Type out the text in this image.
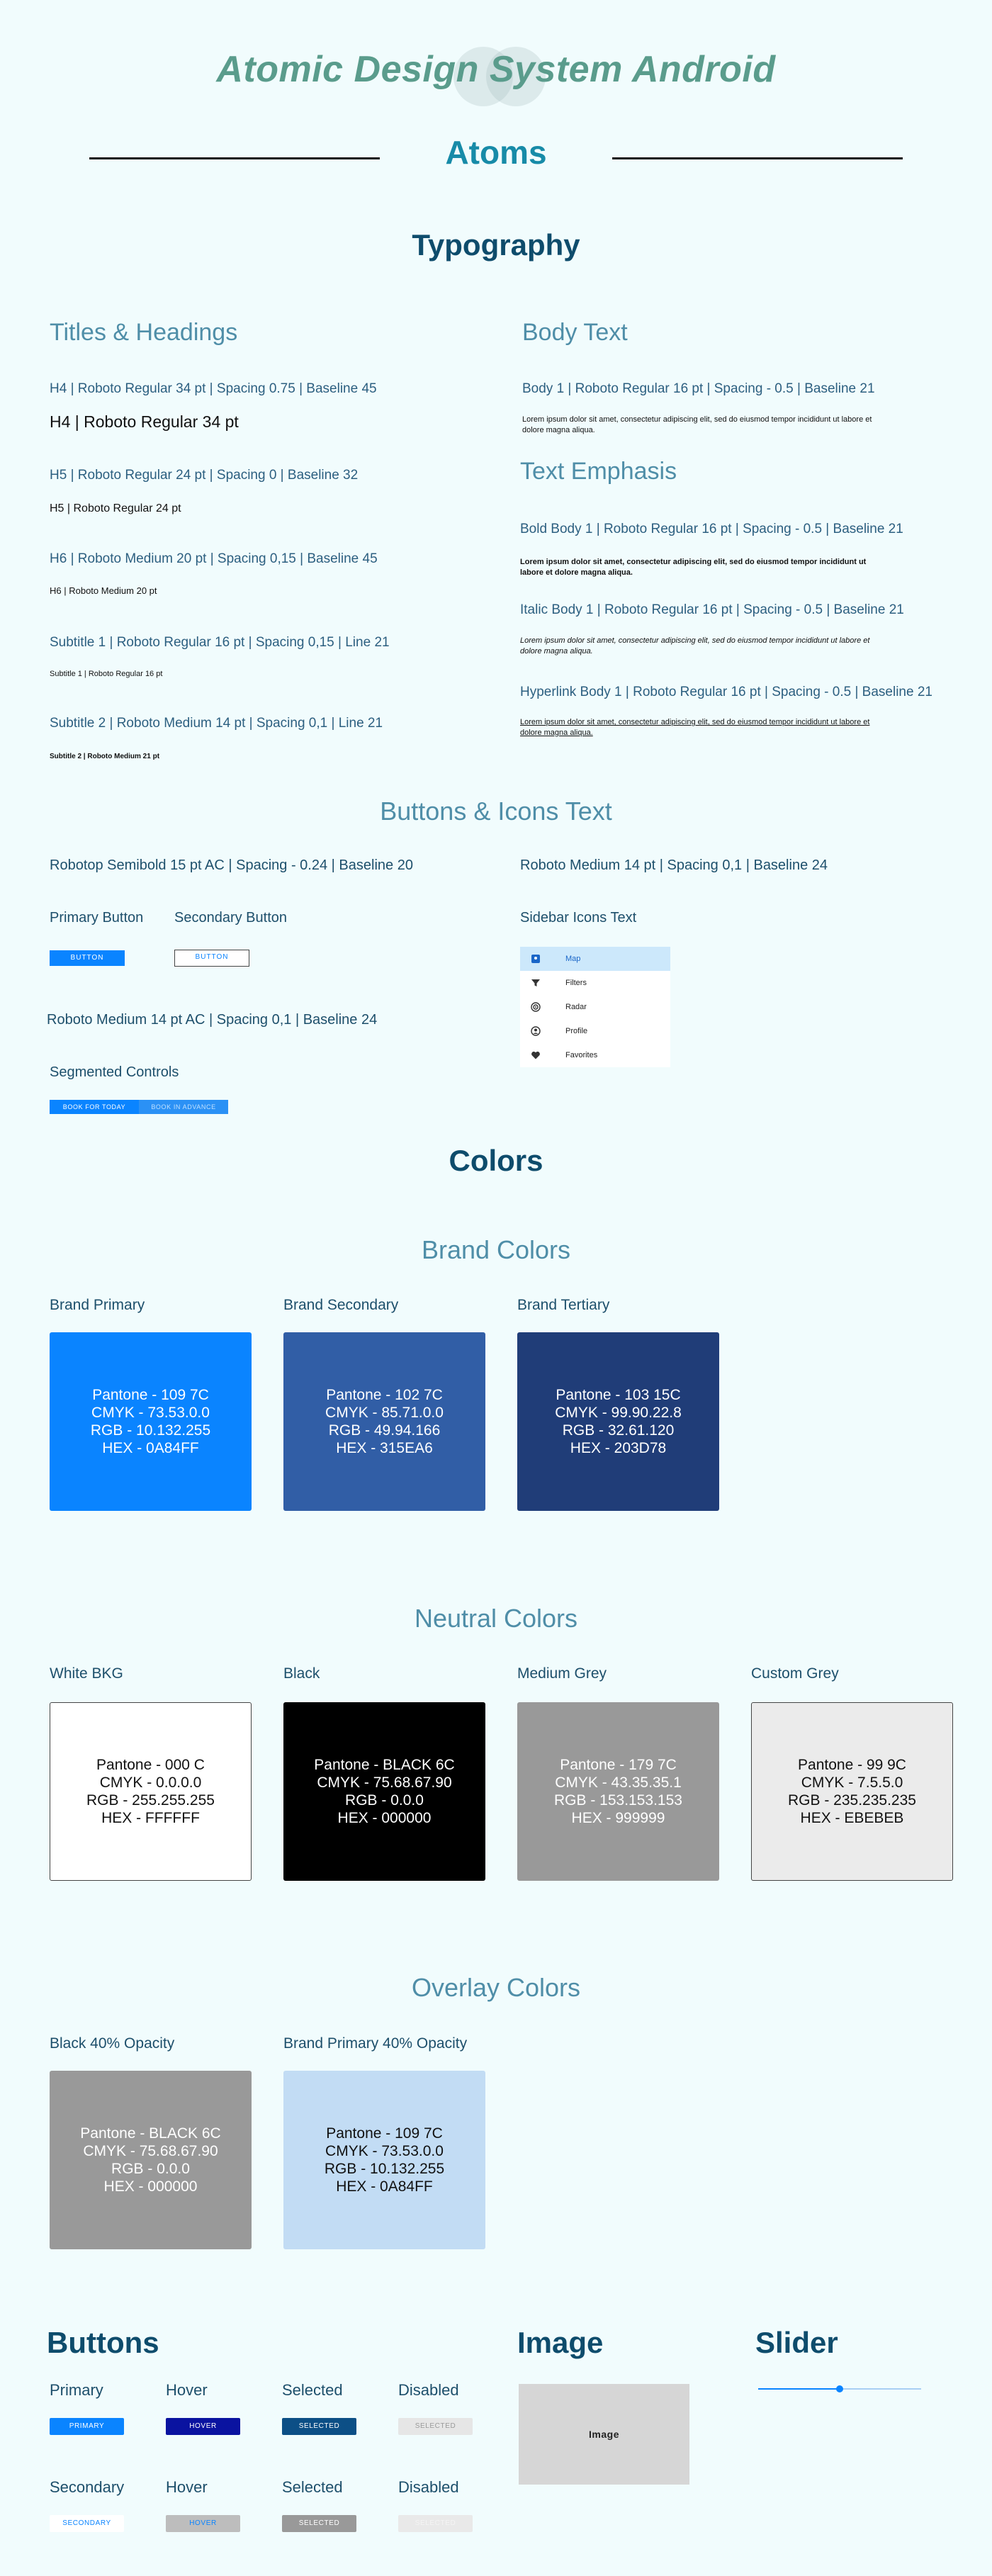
Atomic Design System Android
Atoms
Typography
Titles & Headings	Body Text
H4 | Roboto Regular 34 pt | Spacing 0.75 | Baseline 45
H4 | Roboto Regular 34 pt
H5 | Roboto Regular 24 pt | Spacing 0 | Baseline 32
H5 | Roboto Regular 24 pt
H6 | Roboto Medium 20 pt | Spacing 0,15 | Baseline 45
H6 | Roboto Medium 20 pt
Subtitle 1 | Roboto Regular 16 pt | Spacing 0,15 | Line 21
Subtitle 1 | Roboto Regular 16 pt
Subtitle 2 | Roboto Medium 14 pt | Spacing 0,1 | Line 21
Subtitle 2 | Roboto Medium 21 pt
Body 1 | Roboto Regular 16 pt | Spacing - 0.5 | Baseline 21
Lorem ipsum dolor sit amet, consectetur adipiscing elit, sed do eiusmod tempor incididunt ut labore et dolore magna aliqua.
Text Emphasis
Bold Body 1 | Roboto Regular 16 pt | Spacing - 0.5 | Baseline 21
Lorem ipsum dolor sit amet, consectetur adipiscing elit, sed do eiusmod tempor incididunt ut labore et dolore magna aliqua.
Italic Body 1 | Roboto Regular 16 pt | Spacing - 0.5 | Baseline 21
Lorem ipsum dolor sit amet, consectetur adipiscing elit, sed do eiusmod tempor incididunt ut labore et dolore magna aliqua.
Hyperlink Body 1 | Roboto Regular 16 pt | Spacing - 0.5 | Baseline 21
Lorem ipsum dolor sit amet, consectetur adipiscing elit, sed do eiusmod tempor incididunt ut labore et dolore magna aliqua.
Buttons & Icons Text
Robotop Semibold 15 pt AC | Spacing - 0.24 | Baseline 20
Primary Button Secondary Button
BUTTON	BUTTON
Roboto Medium 14 pt | Spacing 0,1 | Baseline 24
Sidebar Icons Text
Map
Filters
Radar
Profile
Favorites
Roboto Medium 14 pt AC | Spacing 0,1 | Baseline 24
Segmented Controls
BOOK FOR TODAY	BOOK IN ADVANCE
Colors
Brand Colors
Brand Primary
Pantone - 109 7C
CMYK - 73.53.0.0
RGB - 10.132.255
HEX - 0A84FF
Brand Secondary
Pantone - 102 7C
CMYK - 85.71.0.0
RGB - 49.94.166
HEX - 315EA6
Brand Tertiary
Pantone - 103 15C
CMYK - 99.90.22.8
RGB - 32.61.120
HEX - 203D78
Neutral Colors
White BKG
Pantone - 000 C
CMYK - 0.0.0.0
RGB - 255.255.255
HEX - FFFFFF
Black
Pantone - BLACK 6C
CMYK - 75.68.67.90
RGB - 0.0.0
HEX - 000000
Medium Grey
Pantone - 179 7C
CMYK - 43.35.35.1
RGB - 153.153.153
HEX - 999999
Custom Grey
Pantone - 99 9C
CMYK - 7.5.5.0
RGB - 235.235.235
HEX - EBEBEB
Overlay Colors
Black 40% Opacity
Pantone - BLACK 6C
CMYK - 75.68.67.90
RGB - 0.0.0
HEX - 000000
Brand Primary 40% Opacity
Pantone - 109 7C
CMYK - 73.53.0.0
RGB - 10.132.255
HEX - 0A84FF
Buttons	Image	Slider
Primary
PRIMARY
Hover
HOVER
Selected
SELECTED
Disabled
SELECTED
Secondary
SECONDARY
Hover
HOVER
Selected
SELECTED
Disabled
SELECTED
Image
